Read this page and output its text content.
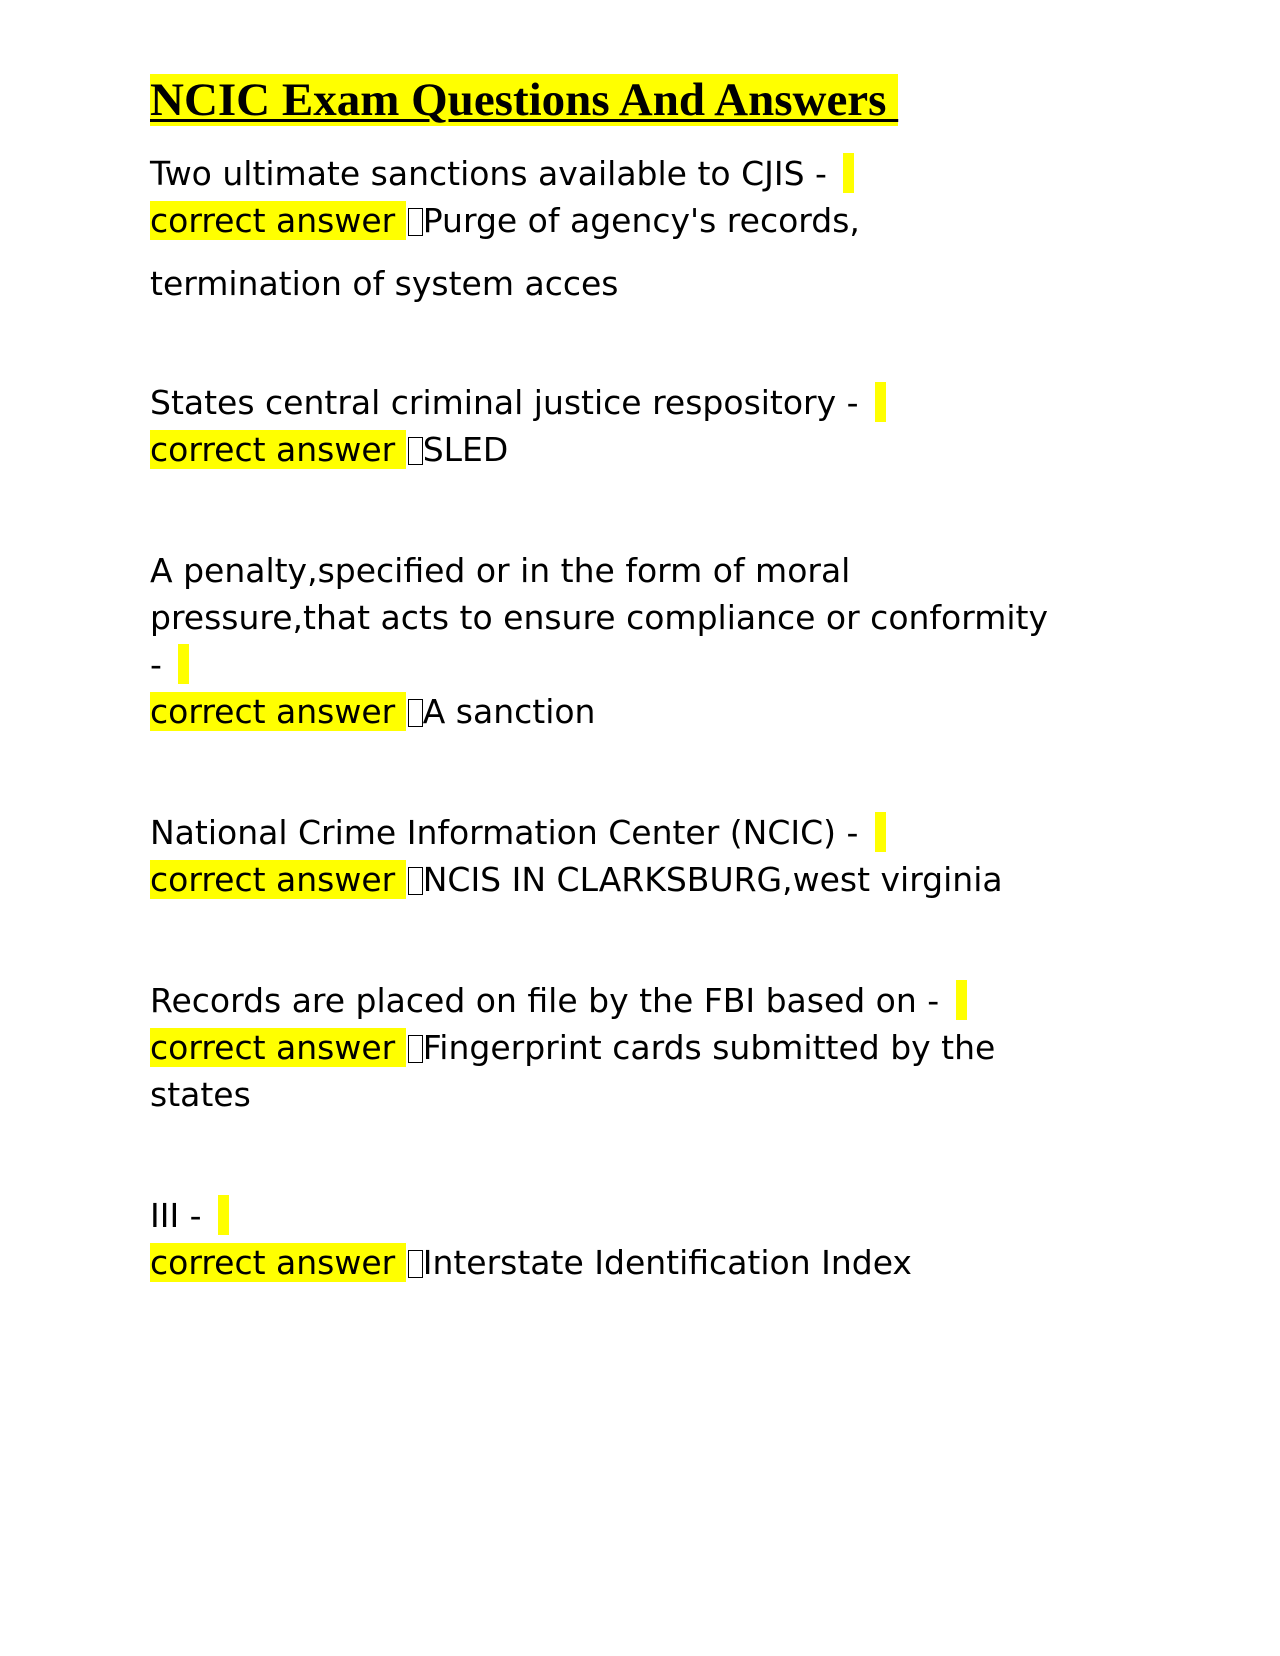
NCIC Exam Questions And Answers
Two ultimate sanctions available to CJIS -
correct answer Purge of agency's records,
termination of system acces
States central criminal justice respository -
correct answer SLED
A penalty,specified or in the form of moral
pressure,that acts to ensure compliance or conformity
-
correct answer A sanction
National Crime Information Center (NCIC) -
correct answer NCIS IN CLARKSBURG,west virginia
Records are placed on file by the FBI based on -
correct answer Fingerprint cards submitted by the
states
III -
correct answer Interstate Identification Index
